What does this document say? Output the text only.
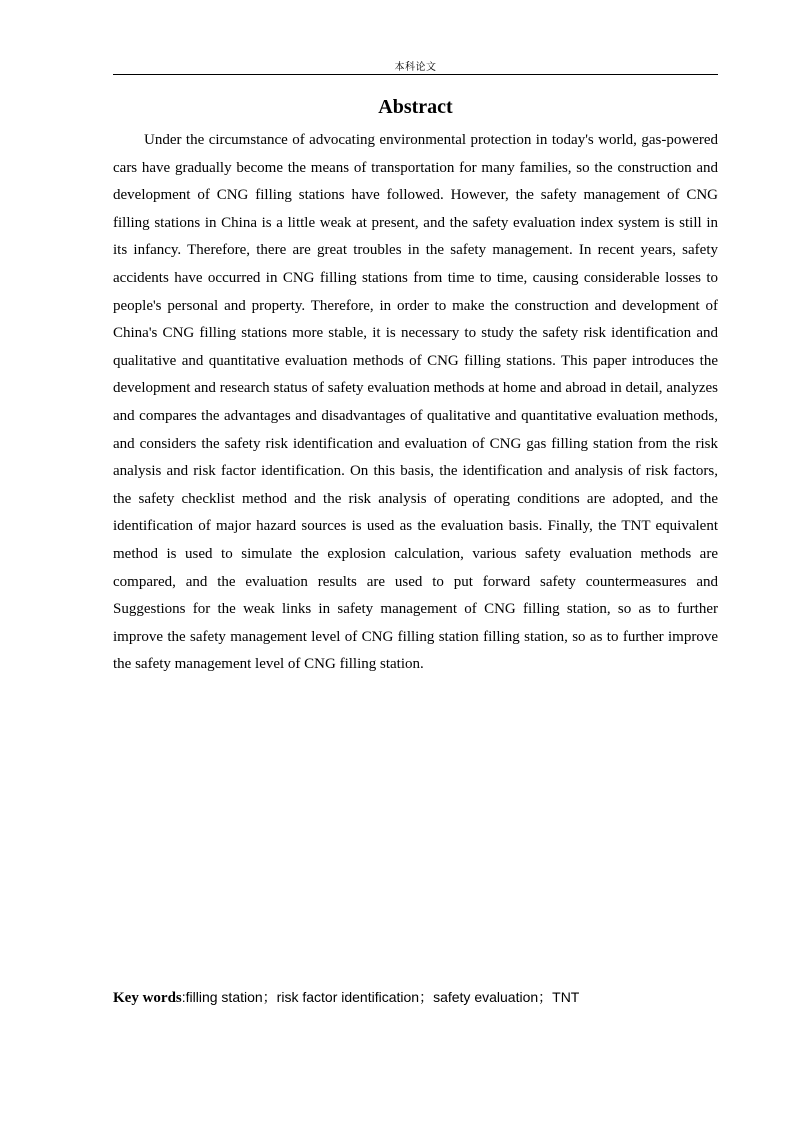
本科论文
Abstract

Under the circumstance of advocating environmental protection in today's world, gas-powered cars have gradually become the means of transportation for many families, so the construction and development of CNG filling stations have followed. However, the safety management of CNG filling stations in China is a little weak at present, and the safety evaluation index system is still in its infancy. Therefore, there are great troubles in the safety management. In recent years, safety accidents have occurred in CNG filling stations from time to time, causing considerable losses to people's personal and property. Therefore, in order to make the construction and development of China's CNG filling stations more stable, it is necessary to study the safety risk identification and qualitative and quantitative evaluation methods of CNG filling stations. This paper introduces the development and research status of safety evaluation methods at home and abroad in detail, analyzes and compares the advantages and disadvantages of qualitative and quantitative evaluation methods, and considers the safety risk identification and evaluation of CNG gas filling station from the risk analysis and risk factor identification. On this basis, the identification and analysis of risk factors, the safety checklist method and the risk analysis of operating conditions are adopted, and the identification of major hazard sources is used as the evaluation basis. Finally, the TNT equivalent method is used to simulate the explosion calculation, various safety evaluation methods are compared, and the evaluation results are used to put forward safety countermeasures and Suggestions for the weak links in safety management of CNG filling station, so as to further improve the safety management level of CNG filling station filling station, so as to further improve the safety management level of CNG filling station.

Key words:filling station；risk factor identification；safety evaluation；TNT
